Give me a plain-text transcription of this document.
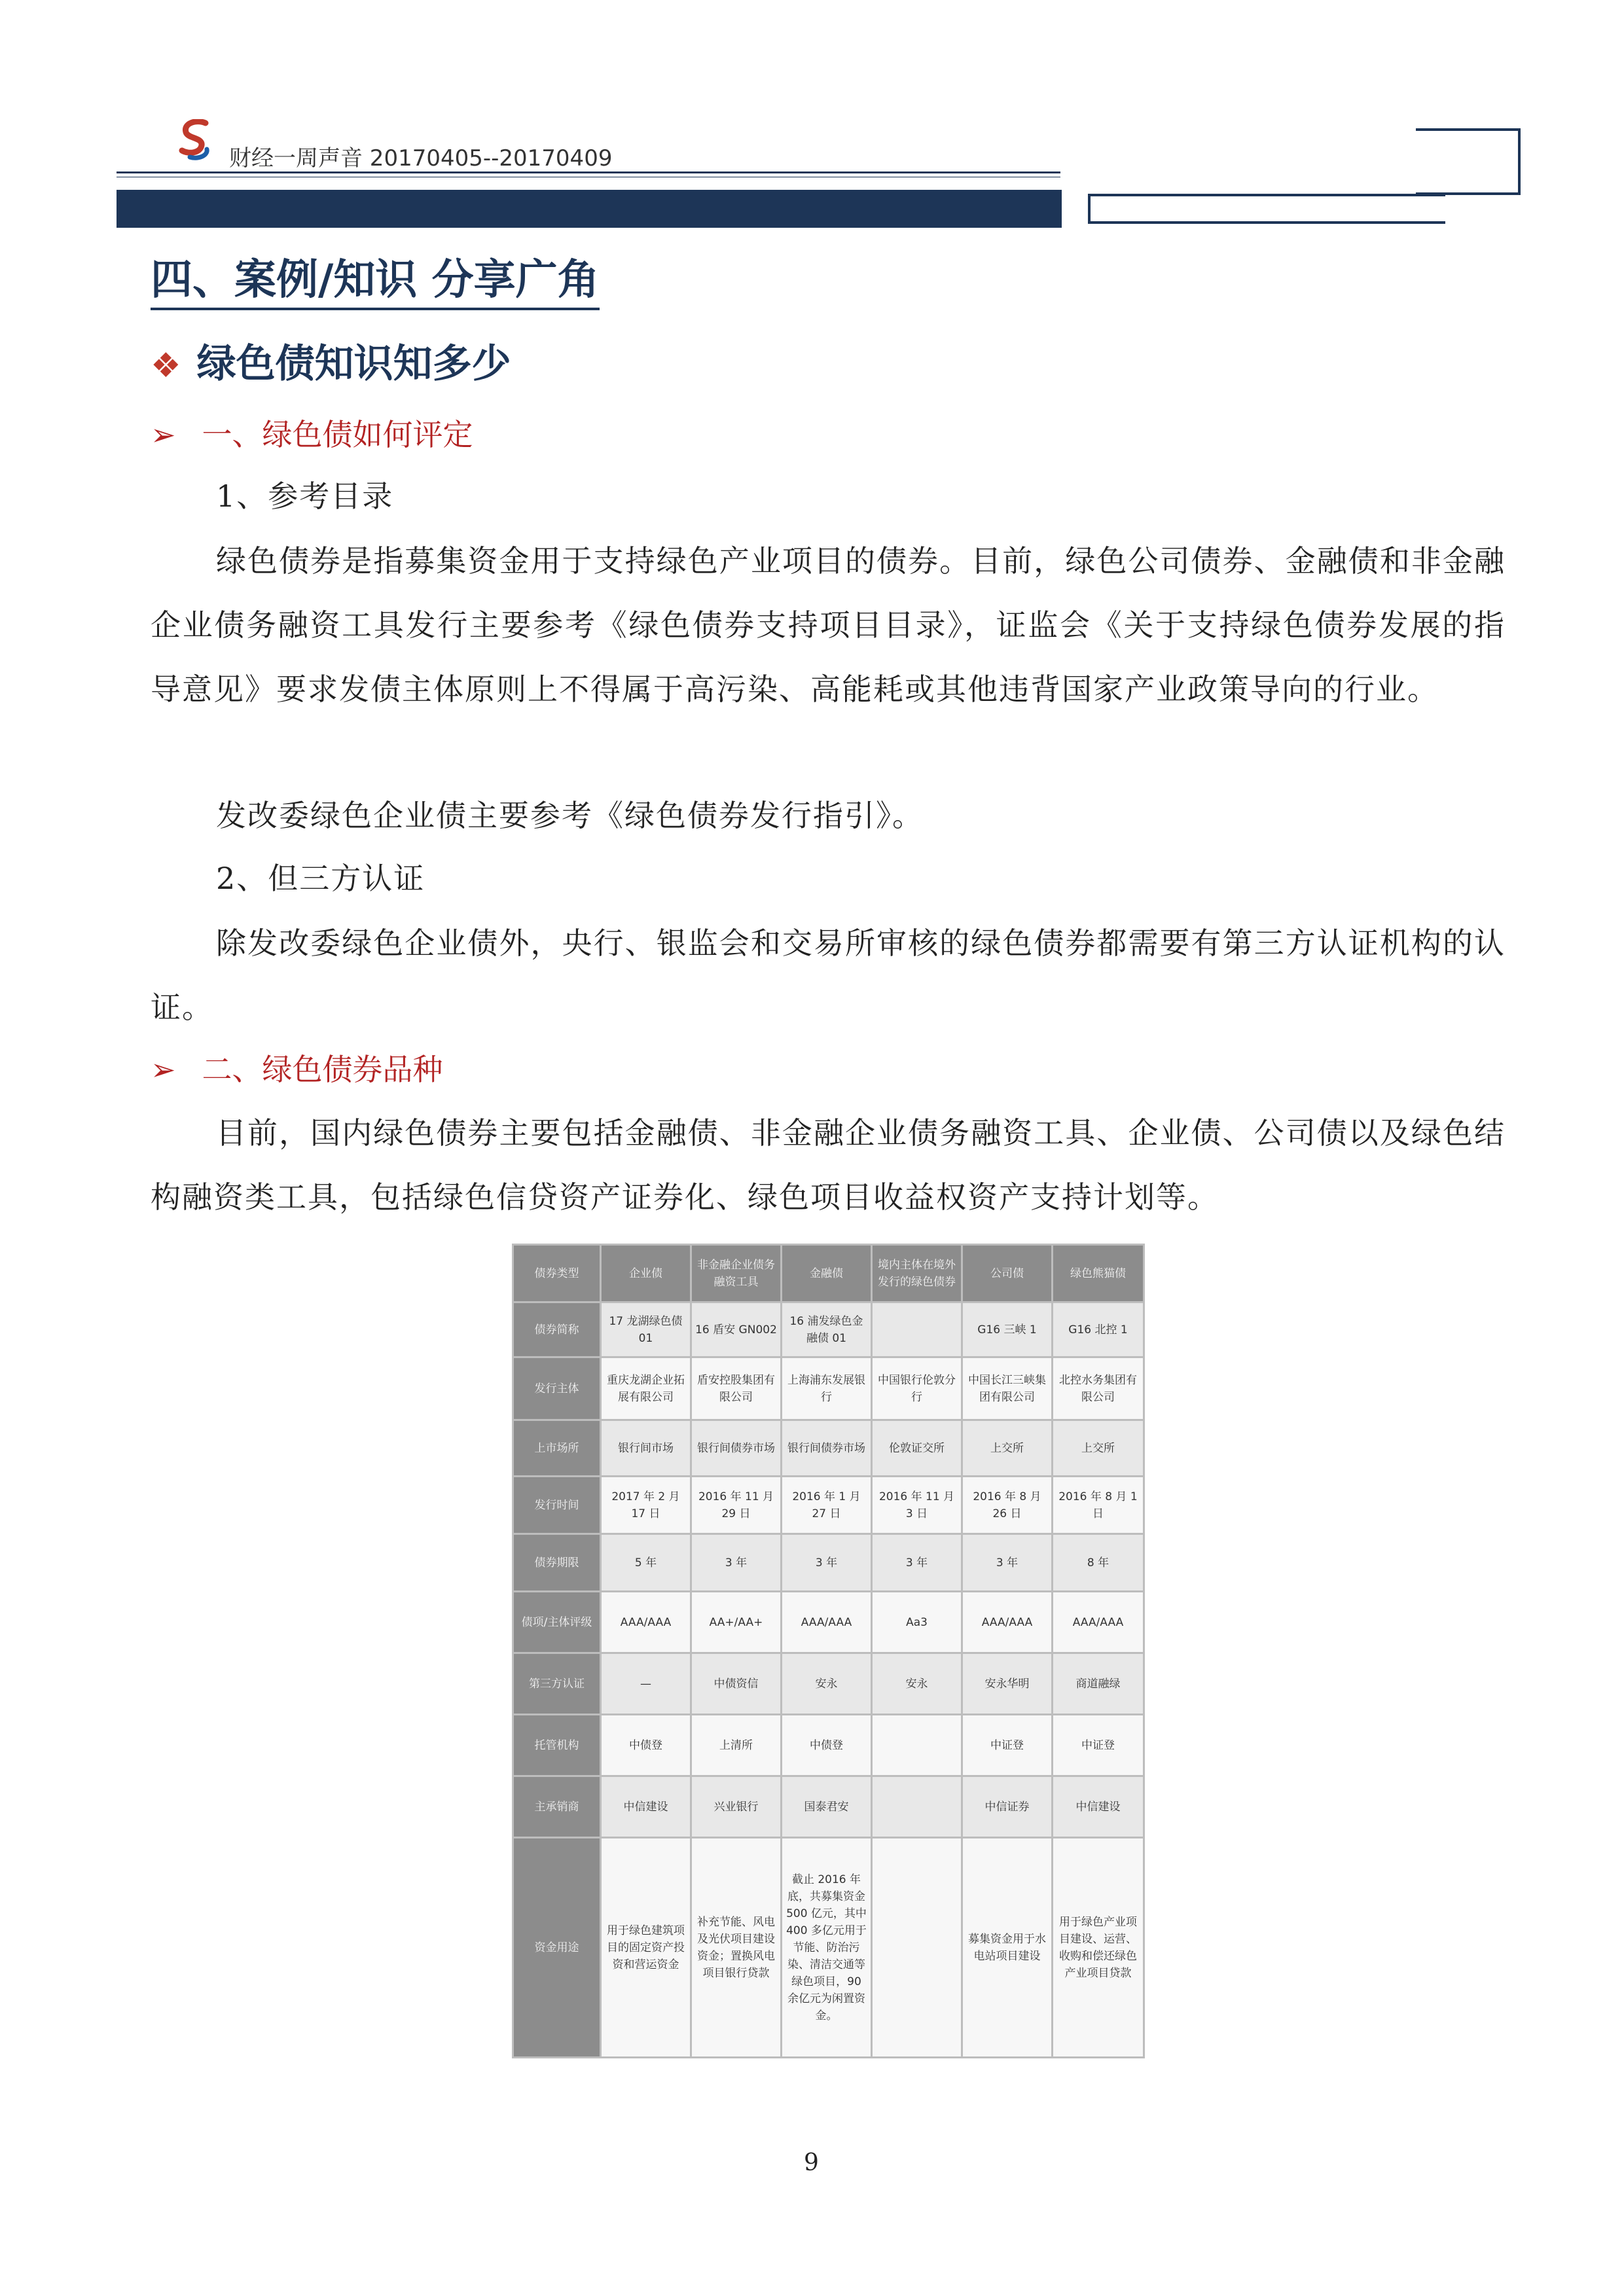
财经一周声音 20170405--20170409
四、案例/知识 分享广角
❖ 绿色债知识知多少
➢ 一、绿色债如何评定
1、参考目录
绿色债券是指募集资金用于支持绿色产业项目的债券。目前，绿色公司债券、金融债和非金融企业债务融资工具发行主要参考《绿色债券支持项目目录》，证监会《关于支持绿色债券发展的指导意见》要求发债主体原则上不得属于高污染、高能耗或其他违背国家产业政策导向的行业。
发改委绿色企业债主要参考《绿色债券发行指引》。
2、但三方认证
除发改委绿色企业债外，央行、银监会和交易所审核的绿色债券都需要有第三方认证机构的认证。
➢ 二、绿色债券品种
目前，国内绿色债券主要包括金融债、非金融企业债务融资工具、企业债、公司债以及绿色结构融资类工具，包括绿色信贷资产证券化、绿色项目收益权资产支持计划等。
债券类型	企业债	非金融企业债务融资工具	金融债	境内主体在境外发行的绿色债券	公司债	绿色熊猫债
债券简称	17 龙湖绿色债 01	16 盾安 GN002	16 浦发绿色金融债 01		G16 三峡 1	G16 北控 1
发行主体	重庆龙湖企业拓展有限公司	盾安控股集团有限公司	上海浦东发展银行	中国银行伦敦分行	中国长江三峡集团有限公司	北控水务集团有限公司
上市场所	银行间市场	银行间债券市场	银行间债券市场	伦敦证交所	上交所	上交所
发行时间	2017 年 2 月 17 日	2016 年 11 月 29 日	2016 年 1 月 27 日	2016 年 11 月 3 日	2016 年 8 月 26 日	2016 年 8 月 1 日
债券期限	5 年	3 年	3 年	3 年	3 年	8 年
债项/主体评级	AAA/AAA	AA+/AA+	AAA/AAA	Aa3	AAA/AAA	AAA/AAA
第三方认证	—	中债资信	安永	安永	安永华明	商道融绿
托管机构	中债登	上清所	中债登		中证登	中证登
主承销商	中信建设	兴业银行	国泰君安		中信证券	中信建设
资金用途	用于绿色建筑项目的固定资产投资和营运资金	补充节能、风电及光伏项目建设资金；置换风电项目银行贷款	截止 2016 年底，共募集资金 500 亿元，其中 400 多亿元用于节能、防治污染、清洁交通等绿色项目，90 余亿元为闲置资金。		募集资金用于水电站项目建设	用于绿色产业项目建设、运营、收购和偿还绿色产业项目贷款
9
